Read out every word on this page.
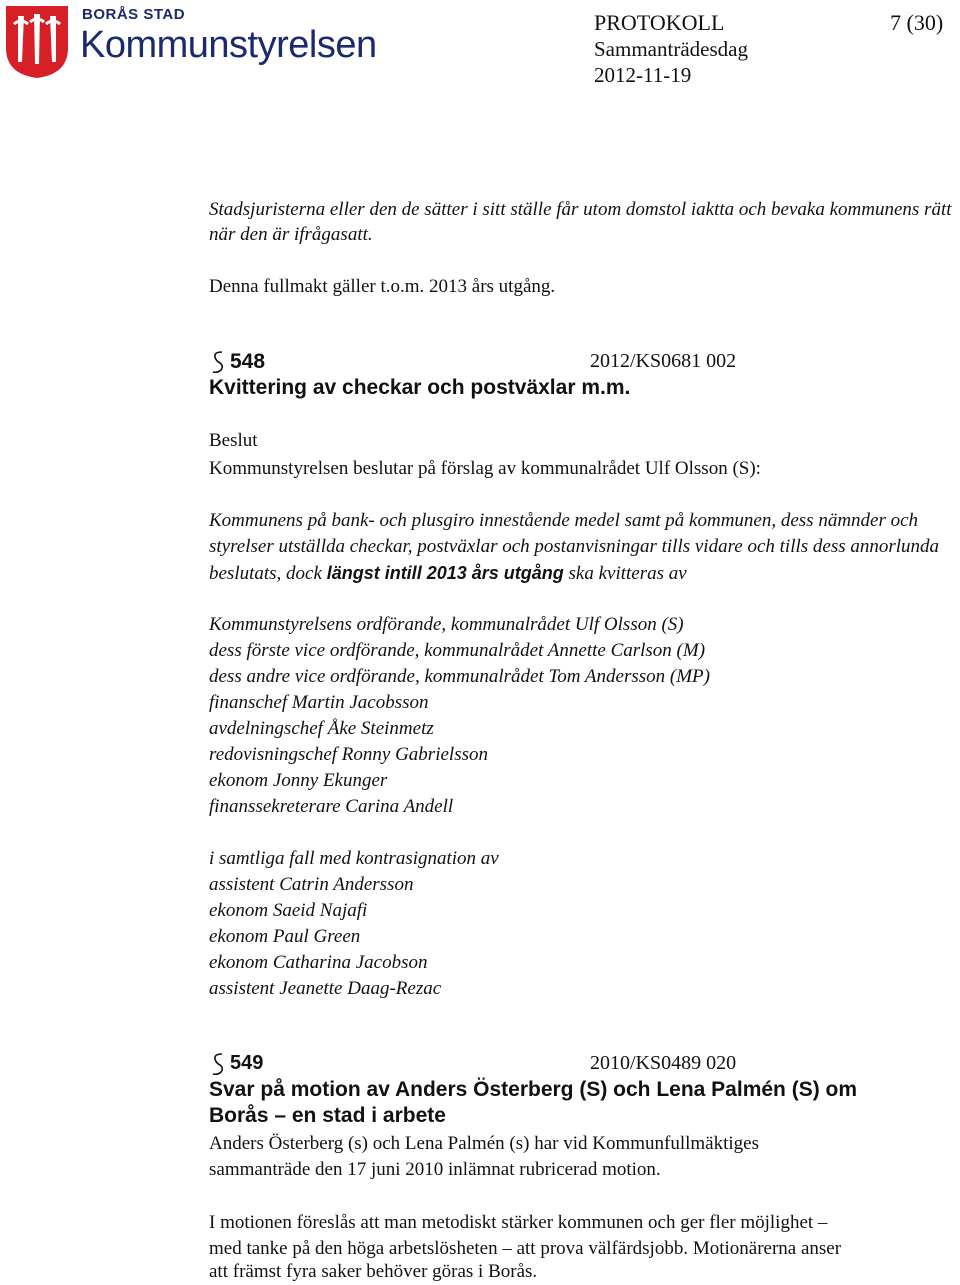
BORÅS STAD
Kommunstyrelsen
PROTOKOLL	7 (30)
Sammanträdesdag
2012-11-19
Stadsjuristerna eller den de sätter i sitt ställe får utom domstol iaktta och bevaka kommunens rätt
när den är ifrågasatt.
Denna fullmakt gäller t.o.m. 2013 års utgång.
548	2012/KS0681 002
Kvittering av checkar och postväxlar m.m.
Beslut
Kommunstyrelsen beslutar på förslag av kommunalrådet Ulf Olsson (S):
Kommunens på bank- och plusgiro innestående medel samt på kommunen, dess nämnder och
styrelser utställda checkar, postväxlar och postanvisningar tills vidare och tills dess annorlunda
beslutats, dock längst intill 2013 års utgång ska kvitteras av
Kommunstyrelsens ordförande, kommunalrådet Ulf Olsson (S)
dess förste vice ordförande, kommunalrådet Annette Carlson (M)
dess andre vice ordförande, kommunalrådet Tom Andersson (MP)
finanschef Martin Jacobsson
avdelningschef Åke Steinmetz
redovisningschef Ronny Gabrielsson
ekonom Jonny Ekunger
finanssekreterare Carina Andell
i samtliga fall med kontrasignation av
assistent Catrin Andersson
ekonom Saeid Najafi
ekonom Paul Green
ekonom Catharina Jacobson
assistent Jeanette Daag-Rezac
549	2010/KS0489 020
Svar på motion av Anders Österberg (S) och Lena Palmén (S) om
Borås – en stad i arbete
Anders Österberg (s) och Lena Palmén (s) har vid Kommunfullmäktiges
sammanträde den 17 juni 2010 inlämnat rubricerad motion.
I motionen föreslås att man metodiskt stärker kommunen och ger fler möjlighet –
med tanke på den höga arbetslösheten – att prova välfärdsjobb. Motionärerna anser
att främst fyra saker behöver göras i Borås.
